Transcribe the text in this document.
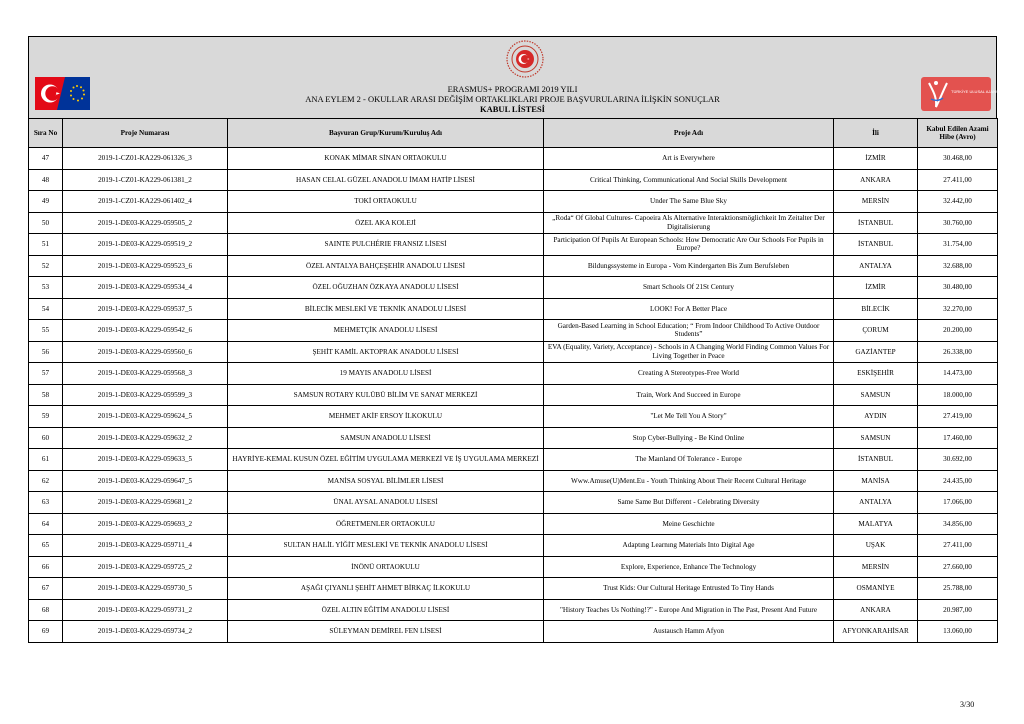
ERASMUS+ PROGRAMI 2019 YILI
ANA EYLEM 2 - OKULLAR ARASI DEĞİŞİM ORTAKLIKLARI PROJE BAŞVURULARINA İLİŞKİN SONUÇLAR
KABUL LİSTESİ
TÜRKİYE ULUSAL AJANSI
Sıra No	Proje Numarası	Başvuran Grup/Kurum/Kuruluş Adı	Proje Adı	İli	Kabul Edilen Azami Hibe (Avro)
47	2019-1-CZ01-KA229-061326_3	KONAK MİMAR SİNAN ORTAOKULU	Art is Everywhere	İZMİR	30.468,00
48	2019-1-CZ01-KA229-061381_2	HASAN CELAL GÜZEL ANADOLU İMAM HATİP LİSESİ	Critical Thinking, Communicational And Social Skills Development	ANKARA	27.411,00
49	2019-1-CZ01-KA229-061402_4	TOKİ ORTAOKULU	Under The Same Blue Sky	MERSİN	32.442,00
50	2019-1-DE03-KA229-059505_2	ÖZEL AKA KOLEJİ	„Roda“ Of Global Cultures- Capoeira Als Alternative Interaktionsmöglichkeit Im Zeitalter Der Digitalisierung	İSTANBUL	30.760,00
51	2019-1-DE03-KA229-059519_2	SAINTE PULCHÉRIE FRANSIZ LİSESİ	Participation Of Pupils At European Schools: How Democratic Are Our Schools For Pupils in Europe?	İSTANBUL	31.754,00
52	2019-1-DE03-KA229-059523_6	ÖZEL ANTALYA BAHÇEŞEHİR ANADOLU LİSESİ	Bildungssysteme in Europa - Vom Kindergarten Bis Zum Berufsleben	ANTALYA	32.688,00
53	2019-1-DE03-KA229-059534_4	ÖZEL OĞUZHAN ÖZKAYA ANADOLU LİSESİ	Smart Schools Of 21St Century	İZMİR	30.480,00
54	2019-1-DE03-KA229-059537_5	BİLECİK MESLEKİ VE TEKNİK ANADOLU LİSESİ	LOOK! For A Better Place	BİLECİK	32.270,00
55	2019-1-DE03-KA229-059542_6	MEHMETÇİK ANADOLU LİSESİ	Garden-Based Learning in School Education; “ From Indoor Childhood To Active Outdoor Students”	ÇORUM	20.200,00
56	2019-1-DE03-KA229-059560_6	ŞEHİT KAMİL AKTOPRAK ANADOLU LİSESİ	EVA (Equality, Variety, Acceptance) - Schools in A Changing World Finding Common Values For Living Together in Peace	GAZİANTEP	26.338,00
57	2019-1-DE03-KA229-059568_3	19 MAYIS ANADOLU LİSESİ	Creating A Stereotypes-Free World	ESKİŞEHİR	14.473,00
58	2019-1-DE03-KA229-059599_3	SAMSUN ROTARY KULÜBÜ BİLİM VE SANAT MERKEZİ	Train, Work And Succeed in Europe	SAMSUN	18.000,00
59	2019-1-DE03-KA229-059624_5	MEHMET AKİF ERSOY İLKOKULU	"Let Me Tell You A Story"	AYDIN	27.419,00
60	2019-1-DE03-KA229-059632_2	SAMSUN ANADOLU LİSESİ	Stop Cyber-Bullying - Be Kind Online	SAMSUN	17.460,00
61	2019-1-DE03-KA229-059633_5	HAYRİYE-KEMAL KUSUN ÖZEL EĞİTİM UYGULAMA MERKEZİ VE İŞ UYGULAMA MERKEZİ	The Maınland Of Tolerance - Europe	İSTANBUL	30.692,00
62	2019-1-DE03-KA229-059647_5	MANİSA SOSYAL BİLİMLER LİSESİ	Www.Amuse(U)Ment.Eu - Youth Thinking About Their Recent Cultural Heritage	MANİSA	24.435,00
63	2019-1-DE03-KA229-059681_2	ÜNAL AYSAL ANADOLU LİSESİ	Same Same But Different - Celebrating Diversity	ANTALYA	17.066,00
64	2019-1-DE03-KA229-059693_2	ÖĞRETMENLER ORTAOKULU	Meine Geschichte	MALATYA	34.856,00
65	2019-1-DE03-KA229-059711_4	SULTAN HALİL YİĞİT MESLEKİ VE TEKNİK ANADOLU LİSESİ	Adaptıng Learnıng Materials Into Digital Age	UŞAK	27.411,00
66	2019-1-DE03-KA229-059725_2	İNÖNÜ ORTAOKULU	Explore, Experience, Enhance The Technology	MERSİN	27.660,00
67	2019-1-DE03-KA229-059730_5	AŞAĞI ÇIYANLI ŞEHİT AHMET BİRKAÇ İLKOKULU	Trust Kids: Our Cultural Heritage Entrusted To Tiny Hands	OSMANİYE	25.788,00
68	2019-1-DE03-KA229-059731_2	ÖZEL ALTIN EĞİTİM ANADOLU LİSESİ	"History Teaches Us Nothing!?" - Europe And Migration in The Past, Present And Future	ANKARA	20.987,00
69	2019-1-DE03-KA229-059734_2	SÜLEYMAN DEMİREL FEN LİSESİ	Austausch Hamm Afyon	AFYONKARAHİSAR	13.060,00
3/30
